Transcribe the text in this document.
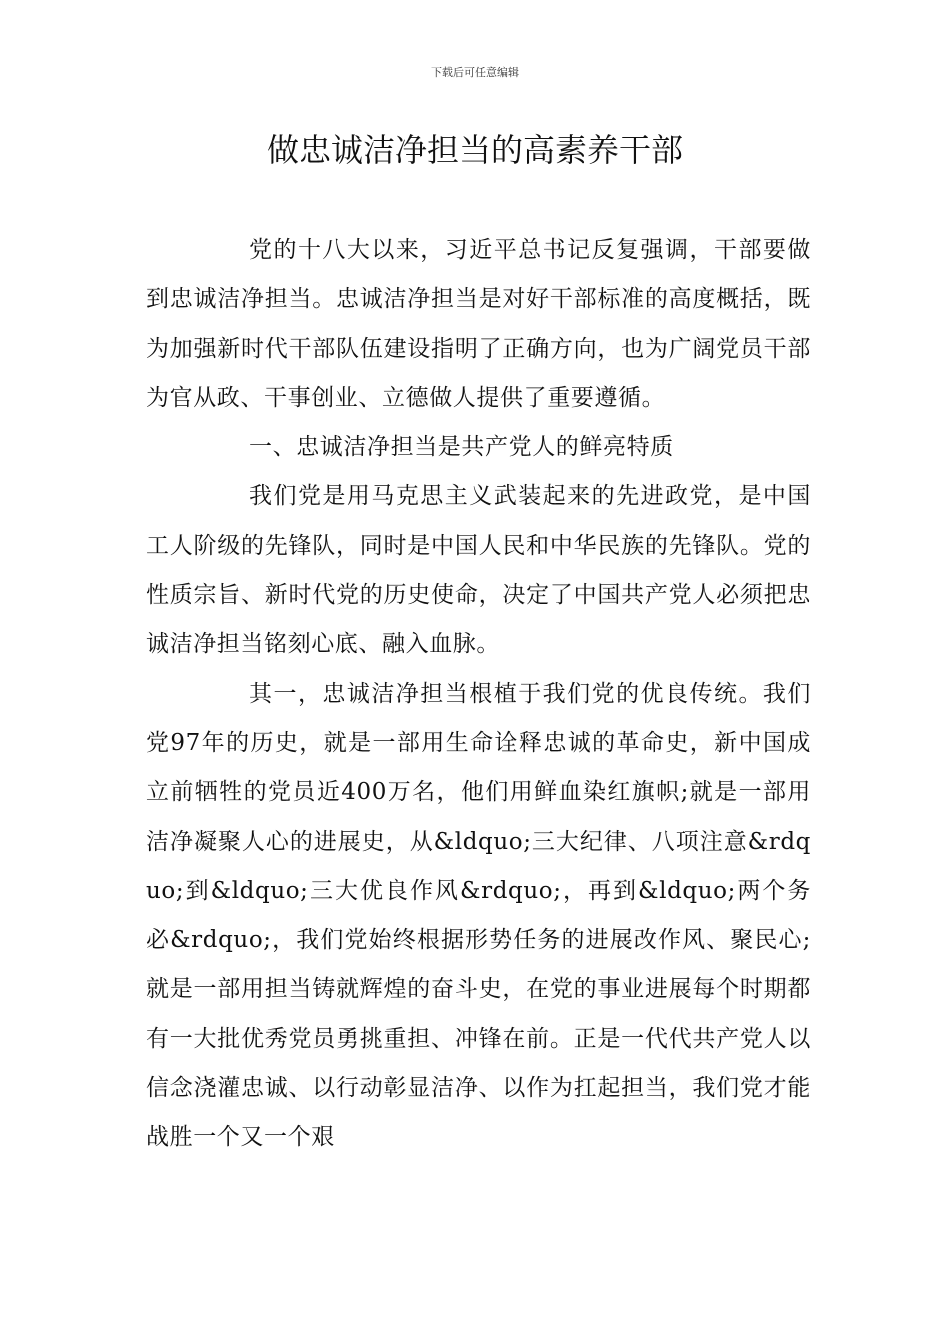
下载后可任意编辑
做忠诚洁净担当的高素养干部

党的十八大以来，习近平总书记反复强调，干部要做到忠诚洁净担当。忠诚洁净担当是对好干部标准的高度概括，既为加强新时代干部队伍建设指明了正确方向，也为广阔党员干部为官从政、干事创业、立德做人提供了重要遵循。

一、忠诚洁净担当是共产党人的鲜亮特质

我们党是用马克思主义武装起来的先进政党，是中国工人阶级的先锋队，同时是中国人民和中华民族的先锋队。党的性质宗旨、新时代党的历史使命，决定了中国共产党人必须把忠诚洁净担当铭刻心底、融入血脉。

其一，忠诚洁净担当根植于我们党的优良传统。我们党97年的历史，就是一部用生命诠释忠诚的革命史，新中国成立前牺牲的党员近400万名，他们用鲜血染红旗帜;就是一部用洁净凝聚人心的进展史，从&ldquo;三大纪律、八项注意&rdquo;到&ldquo;三大优良作风&rdquo;，再到&ldquo;两个务必&rdquo;，我们党始终根据形势任务的进展改作风、聚民心;就是一部用担当铸就辉煌的奋斗史，在党的事业进展每个时期都有一大批优秀党员勇挑重担、冲锋在前。正是一代代共产党人以信念浇灌忠诚、以行动彰显洁净、以作为扛起担当，我们党才能战胜一个又一个艰
